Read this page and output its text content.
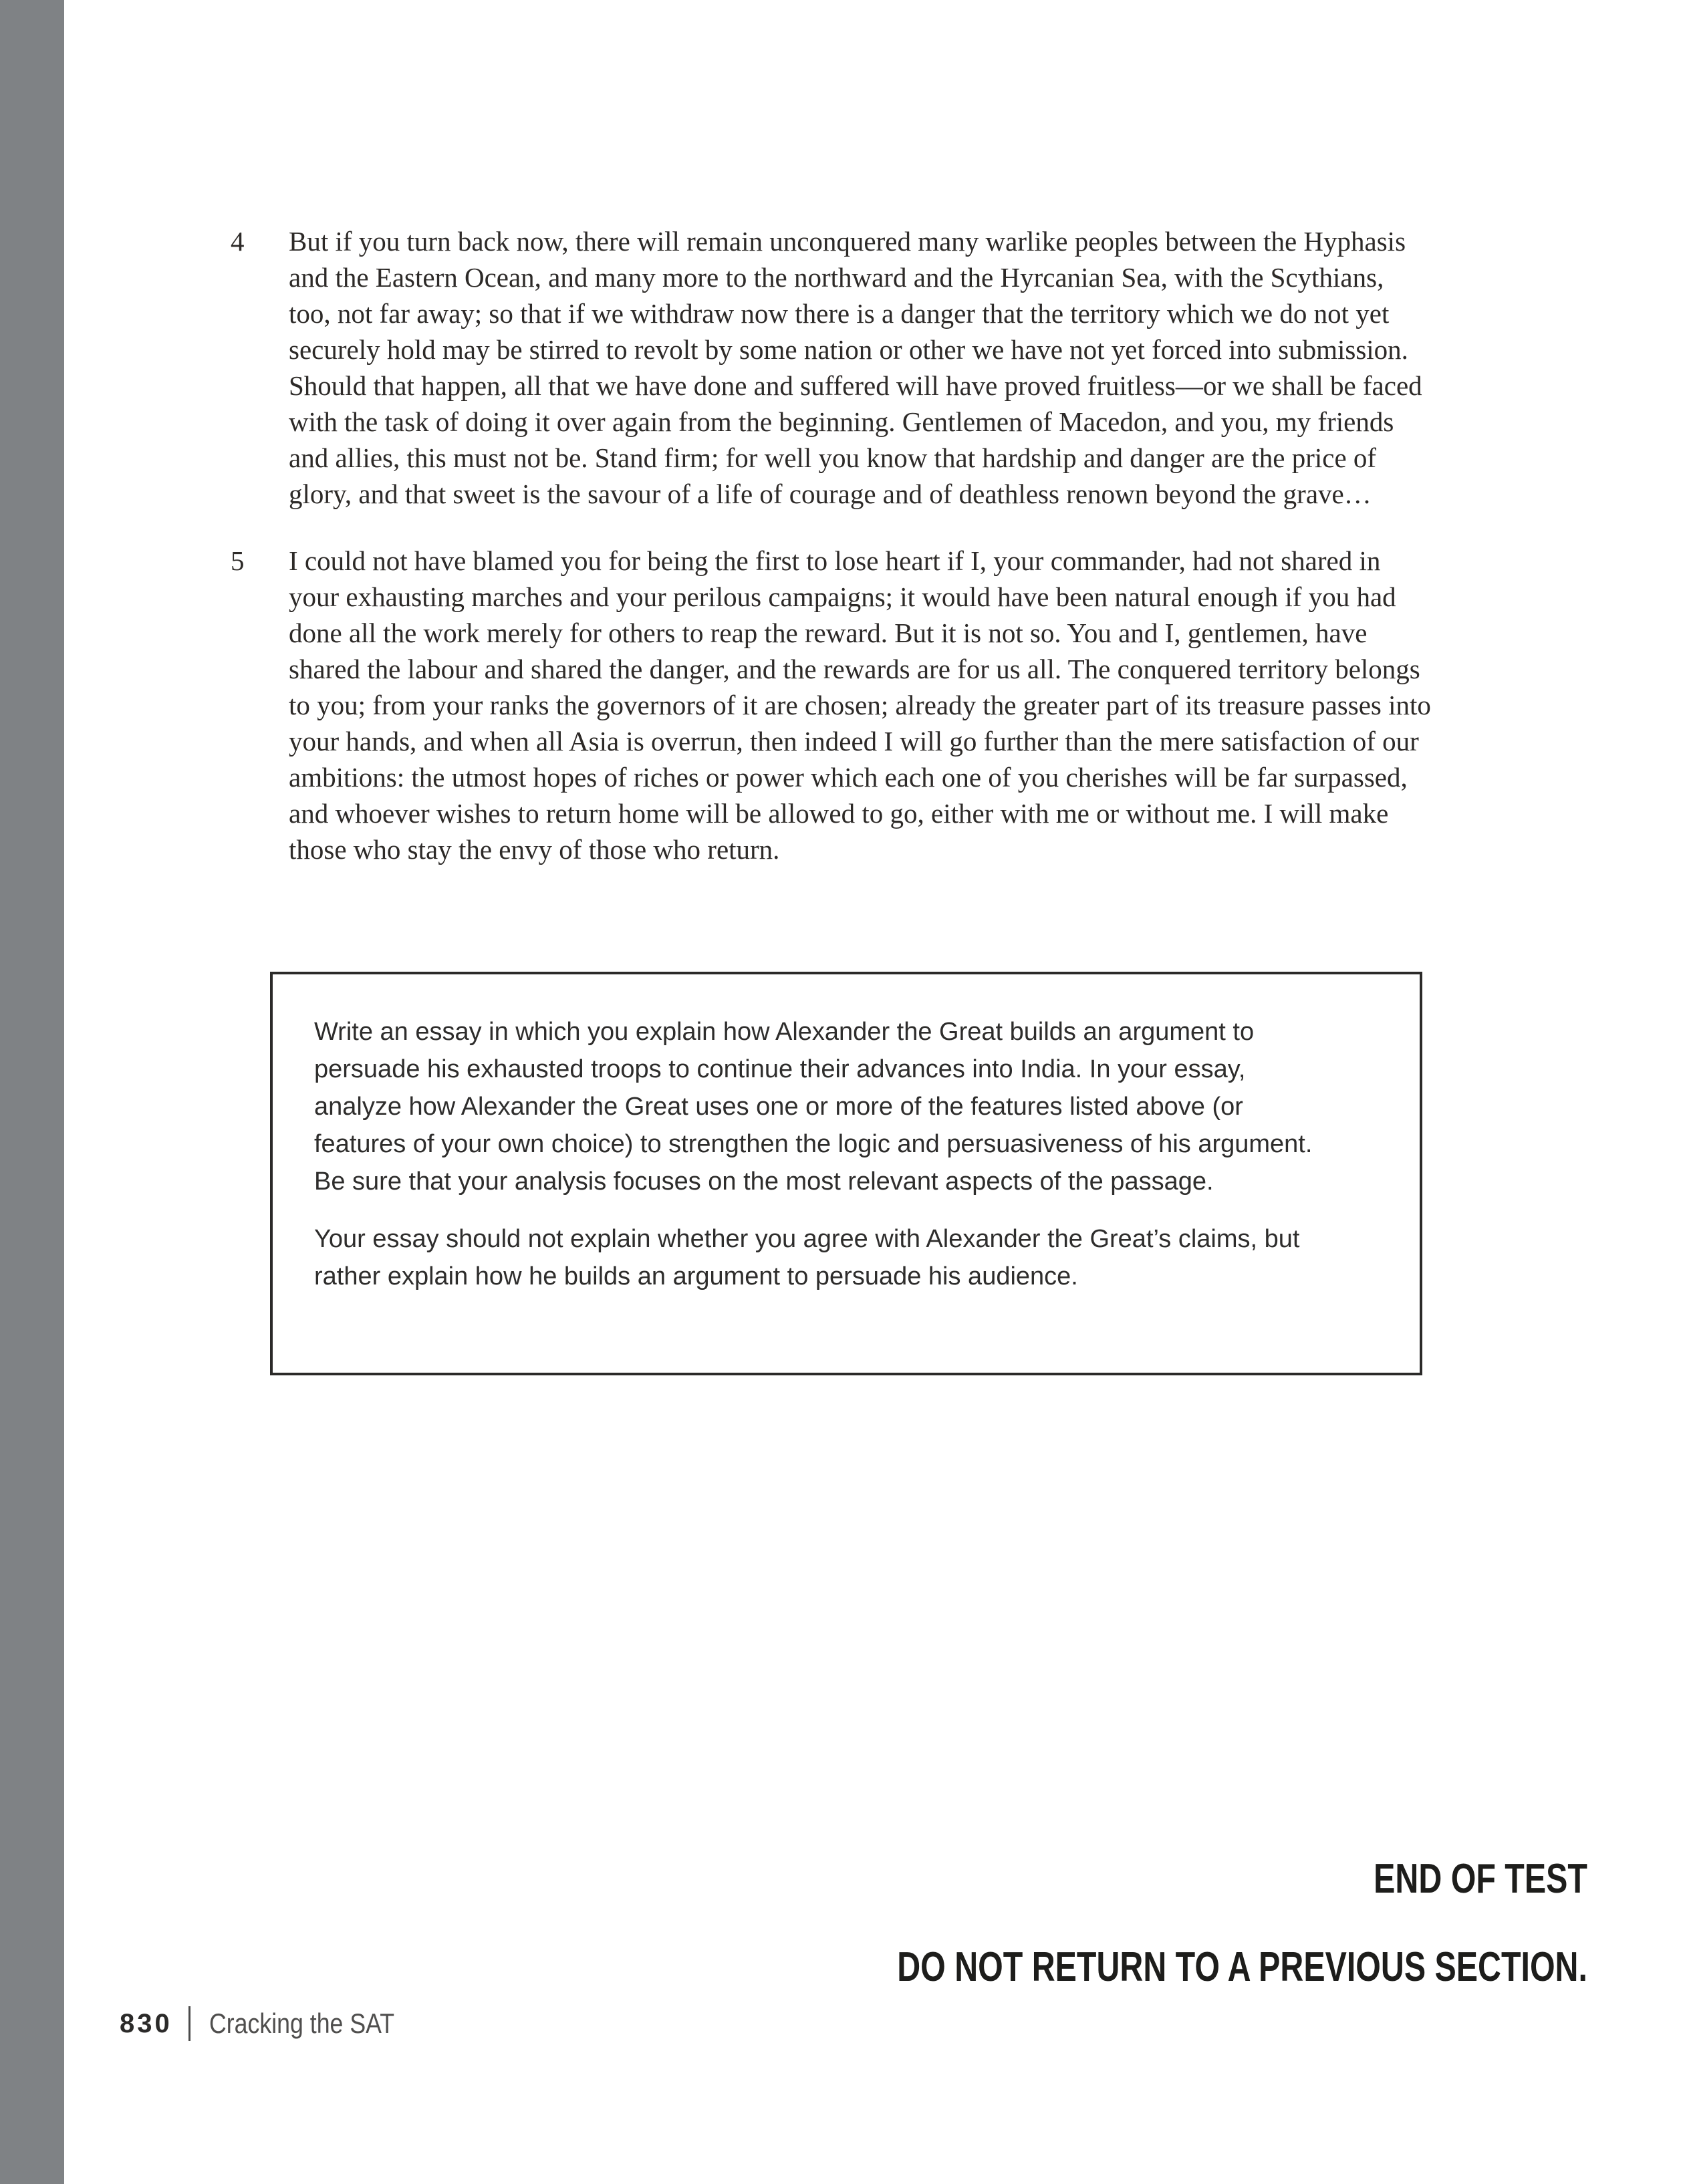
4	But if you turn back now, there will remain unconquered many warlike peoples between the Hyphasis and the Eastern Ocean, and many more to the northward and the Hyrcanian Sea, with the Scythians, too, not far away; so that if we withdraw now there is a danger that the territory which we do not yet securely hold may be stirred to revolt by some nation or other we have not yet forced into submission. Should that happen, all that we have done and suffered will have proved fruitless—or we shall be faced with the task of doing it over again from the beginning. Gentlemen of Macedon, and you, my friends and allies, this must not be. Stand firm; for well you know that hardship and danger are the price of glory, and that sweet is the savour of a life of courage and of deathless renown beyond the grave…
5	I could not have blamed you for being the first to lose heart if I, your commander, had not shared in your exhausting marches and your perilous campaigns; it would have been natural enough if you had done all the work merely for others to reap the reward. But it is not so. You and I, gentlemen, have shared the labour and shared the danger, and the rewards are for us all. The conquered territory belongs to you; from your ranks the governors of it are chosen; already the greater part of its treasure passes into your hands, and when all Asia is overrun, then indeed I will go further than the mere satisfaction of our ambitions: the utmost hopes of riches or power which each one of you cherishes will be far surpassed, and whoever wishes to return home will be allowed to go, either with me or without me. I will make those who stay the envy of those who return.

Write an essay in which you explain how Alexander the Great builds an argument to persuade his exhausted troops to continue their advances into India. In your essay, analyze how Alexander the Great uses one or more of the features listed above (or features of your own choice) to strengthen the logic and persuasiveness of his argument. Be sure that your analysis focuses on the most relevant aspects of the passage.

Your essay should not explain whether you agree with Alexander the Great’s claims, but rather explain how he builds an argument to persuade his audience.

END OF TEST
DO NOT RETURN TO A PREVIOUS SECTION.
830 Cracking the SAT
